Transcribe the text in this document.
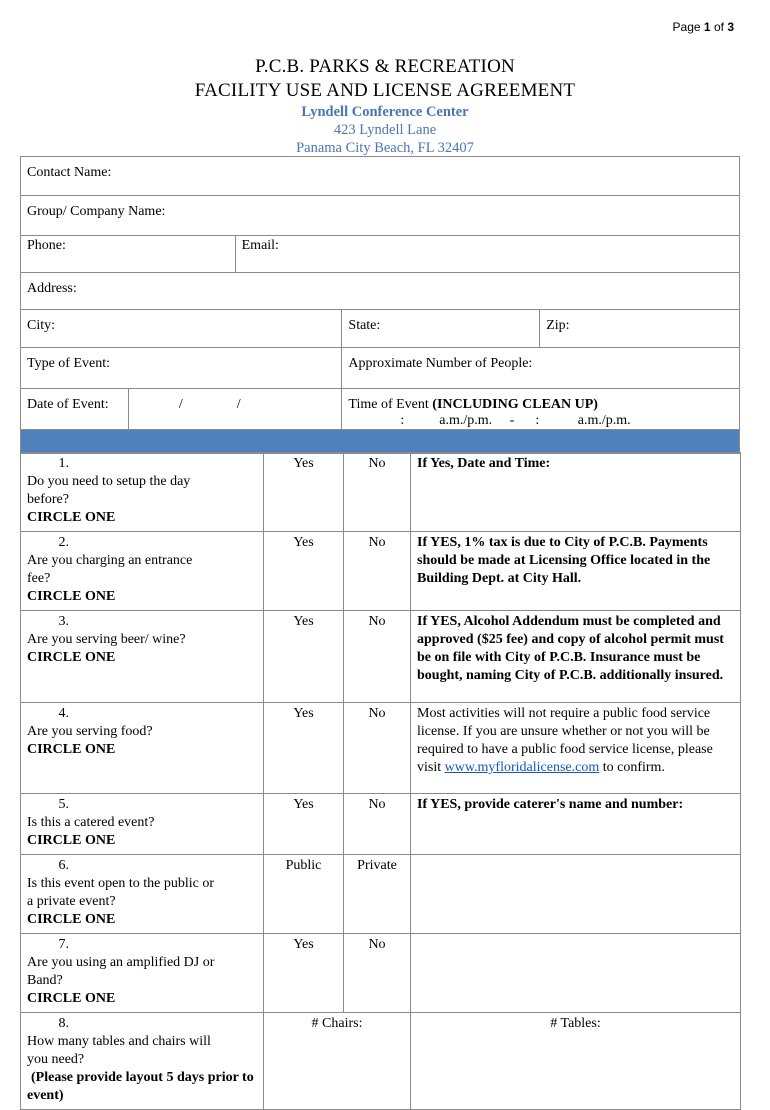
Page 1 of 3
P.C.B. PARKS & RECREATION
FACILITY USE AND LICENSE AGREEMENT
Lyndell Conference Center
423 Lyndell Lane
Panama City Beach, FL 32407
Contact Name:				
Group/ Company Name:				
Phone:		Email:		
Address:				
City:			State:	Zip:
Type of Event:			Approximate Number of People:	
Date of Event:	/ /		Time of Event (INCLUDING CLEAN UP)
:          a.m./p.m.     -      :           a.m./p.m.	

1.Do you need to setup the day before?
CIRCLE ONE	Yes	No	If Yes, Date and Time:
2.Are you charging an entrance fee?
CIRCLE ONE	Yes	No	If YES, 1% tax is due to City of P.C.B. Payments should be made at Licensing Office located in the Building Dept. at City Hall.
3.Are you serving beer/ wine?
CIRCLE ONE	Yes	No	If YES, Alcohol Addendum must be completed and approved ($25 fee) and copy of alcohol permit must be on file with City of P.C.B. Insurance must be bought, naming City of P.C.B. additionally insured.
4.Are you serving food?
CIRCLE ONE	Yes	No	Most activities will not require a public food service license. If you are unsure whether or not you will be required to have a public food service license, please visit www.myfloridalicense.com to confirm.
5.Is this a catered event?
CIRCLE ONE	Yes	No	If YES, provide caterer's name and number:
6.Is this event open to the public or a private event?
CIRCLE ONE	Public	Private	
7.Are you using an amplified DJ or Band?
CIRCLE ONE	Yes	No	
8.How many tables and chairs will you need?
(Please provide layout 5 days prior to event)	# Chairs:		# Tables:
